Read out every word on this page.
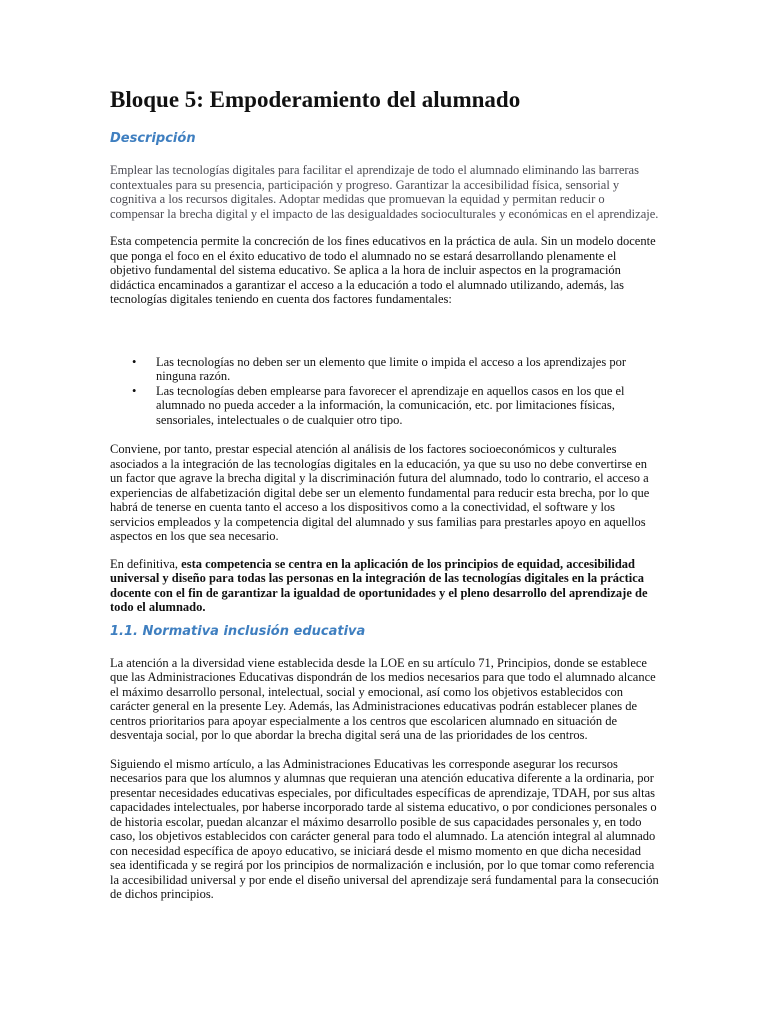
Bloque 5: Empoderamiento del alumnado
Descripción

Emplear las tecnologías digitales para facilitar el aprendizaje de todo el alumnado eliminando las barreras contextuales para su presencia, participación y progreso. Garantizar la accesibilidad física, sensorial y cognitiva a los recursos digitales. Adoptar medidas que promuevan la equidad y permitan reducir o compensar la brecha digital y el impacto de las desigualdades socioculturales y económicas en el aprendizaje.

Esta competencia permite la concreción de los fines educativos en la práctica de aula. Sin un modelo docente que ponga el foco en el éxito educativo de todo el alumnado no se estará desarrollando plenamente el objetivo fundamental del sistema educativo. Se aplica a la hora de incluir aspectos en la programación didáctica encaminados a garantizar el acceso a la educación a todo el alumnado utilizando, además, las tecnologías digitales teniendo en cuenta dos factores fundamentales:

• Las tecnologías no deben ser un elemento que limite o impida el acceso a los aprendizajes por ninguna razón.
• Las tecnologías deben emplearse para favorecer el aprendizaje en aquellos casos en los que el alumnado no pueda acceder a la información, la comunicación, etc. por limitaciones físicas, sensoriales, intelectuales o de cualquier otro tipo.

Conviene, por tanto, prestar especial atención al análisis de los factores socioeconómicos y culturales asociados a la integración de las tecnologías digitales en la educación, ya que su uso no debe convertirse en un factor que agrave la brecha digital y la discriminación futura del alumnado, todo lo contrario, el acceso a experiencias de alfabetización digital debe ser un elemento fundamental para reducir esta brecha, por lo que habrá de tenerse en cuenta tanto el acceso a los dispositivos como a la conectividad, el software y los servicios empleados y la competencia digital del alumnado y sus familias para prestarles apoyo en aquellos aspectos en los que sea necesario.

En definitiva, esta competencia se centra en la aplicación de los principios de equidad, accesibilidad universal y diseño para todas las personas en la integración de las tecnologías digitales en la práctica docente con el fin de garantizar la igualdad de oportunidades y el pleno desarrollo del aprendizaje de todo el alumnado.

1.1. Normativa inclusión educativa

La atención a la diversidad viene establecida desde la LOE en su artículo 71, Principios, donde se establece que las Administraciones Educativas dispondrán de los medios necesarios para que todo el alumnado alcance el máximo desarrollo personal, intelectual, social y emocional, así como los objetivos establecidos con carácter general en la presente Ley. Además, las Administraciones educativas podrán establecer planes de centros prioritarios para apoyar especialmente a los centros que escolaricen alumnado en situación de desventaja social, por lo que abordar la brecha digital será una de las prioridades de los centros.

Siguiendo el mismo artículo, a las Administraciones Educativas les corresponde asegurar los recursos necesarios para que los alumnos y alumnas que requieran una atención educativa diferente a la ordinaria, por presentar necesidades educativas especiales, por dificultades específicas de aprendizaje, TDAH, por sus altas capacidades intelectuales, por haberse incorporado tarde al sistema educativo, o por condiciones personales o de historia escolar, puedan alcanzar el máximo desarrollo posible de sus capacidades personales y, en todo caso, los objetivos establecidos con carácter general para todo el alumnado. La atención integral al alumnado con necesidad específica de apoyo educativo, se iniciará desde el mismo momento en que dicha necesidad sea identificada y se regirá por los principios de normalización e inclusión, por lo que tomar como referencia la accesibilidad universal y por ende el diseño universal del aprendizaje será fundamental para la consecución de dichos principios.
